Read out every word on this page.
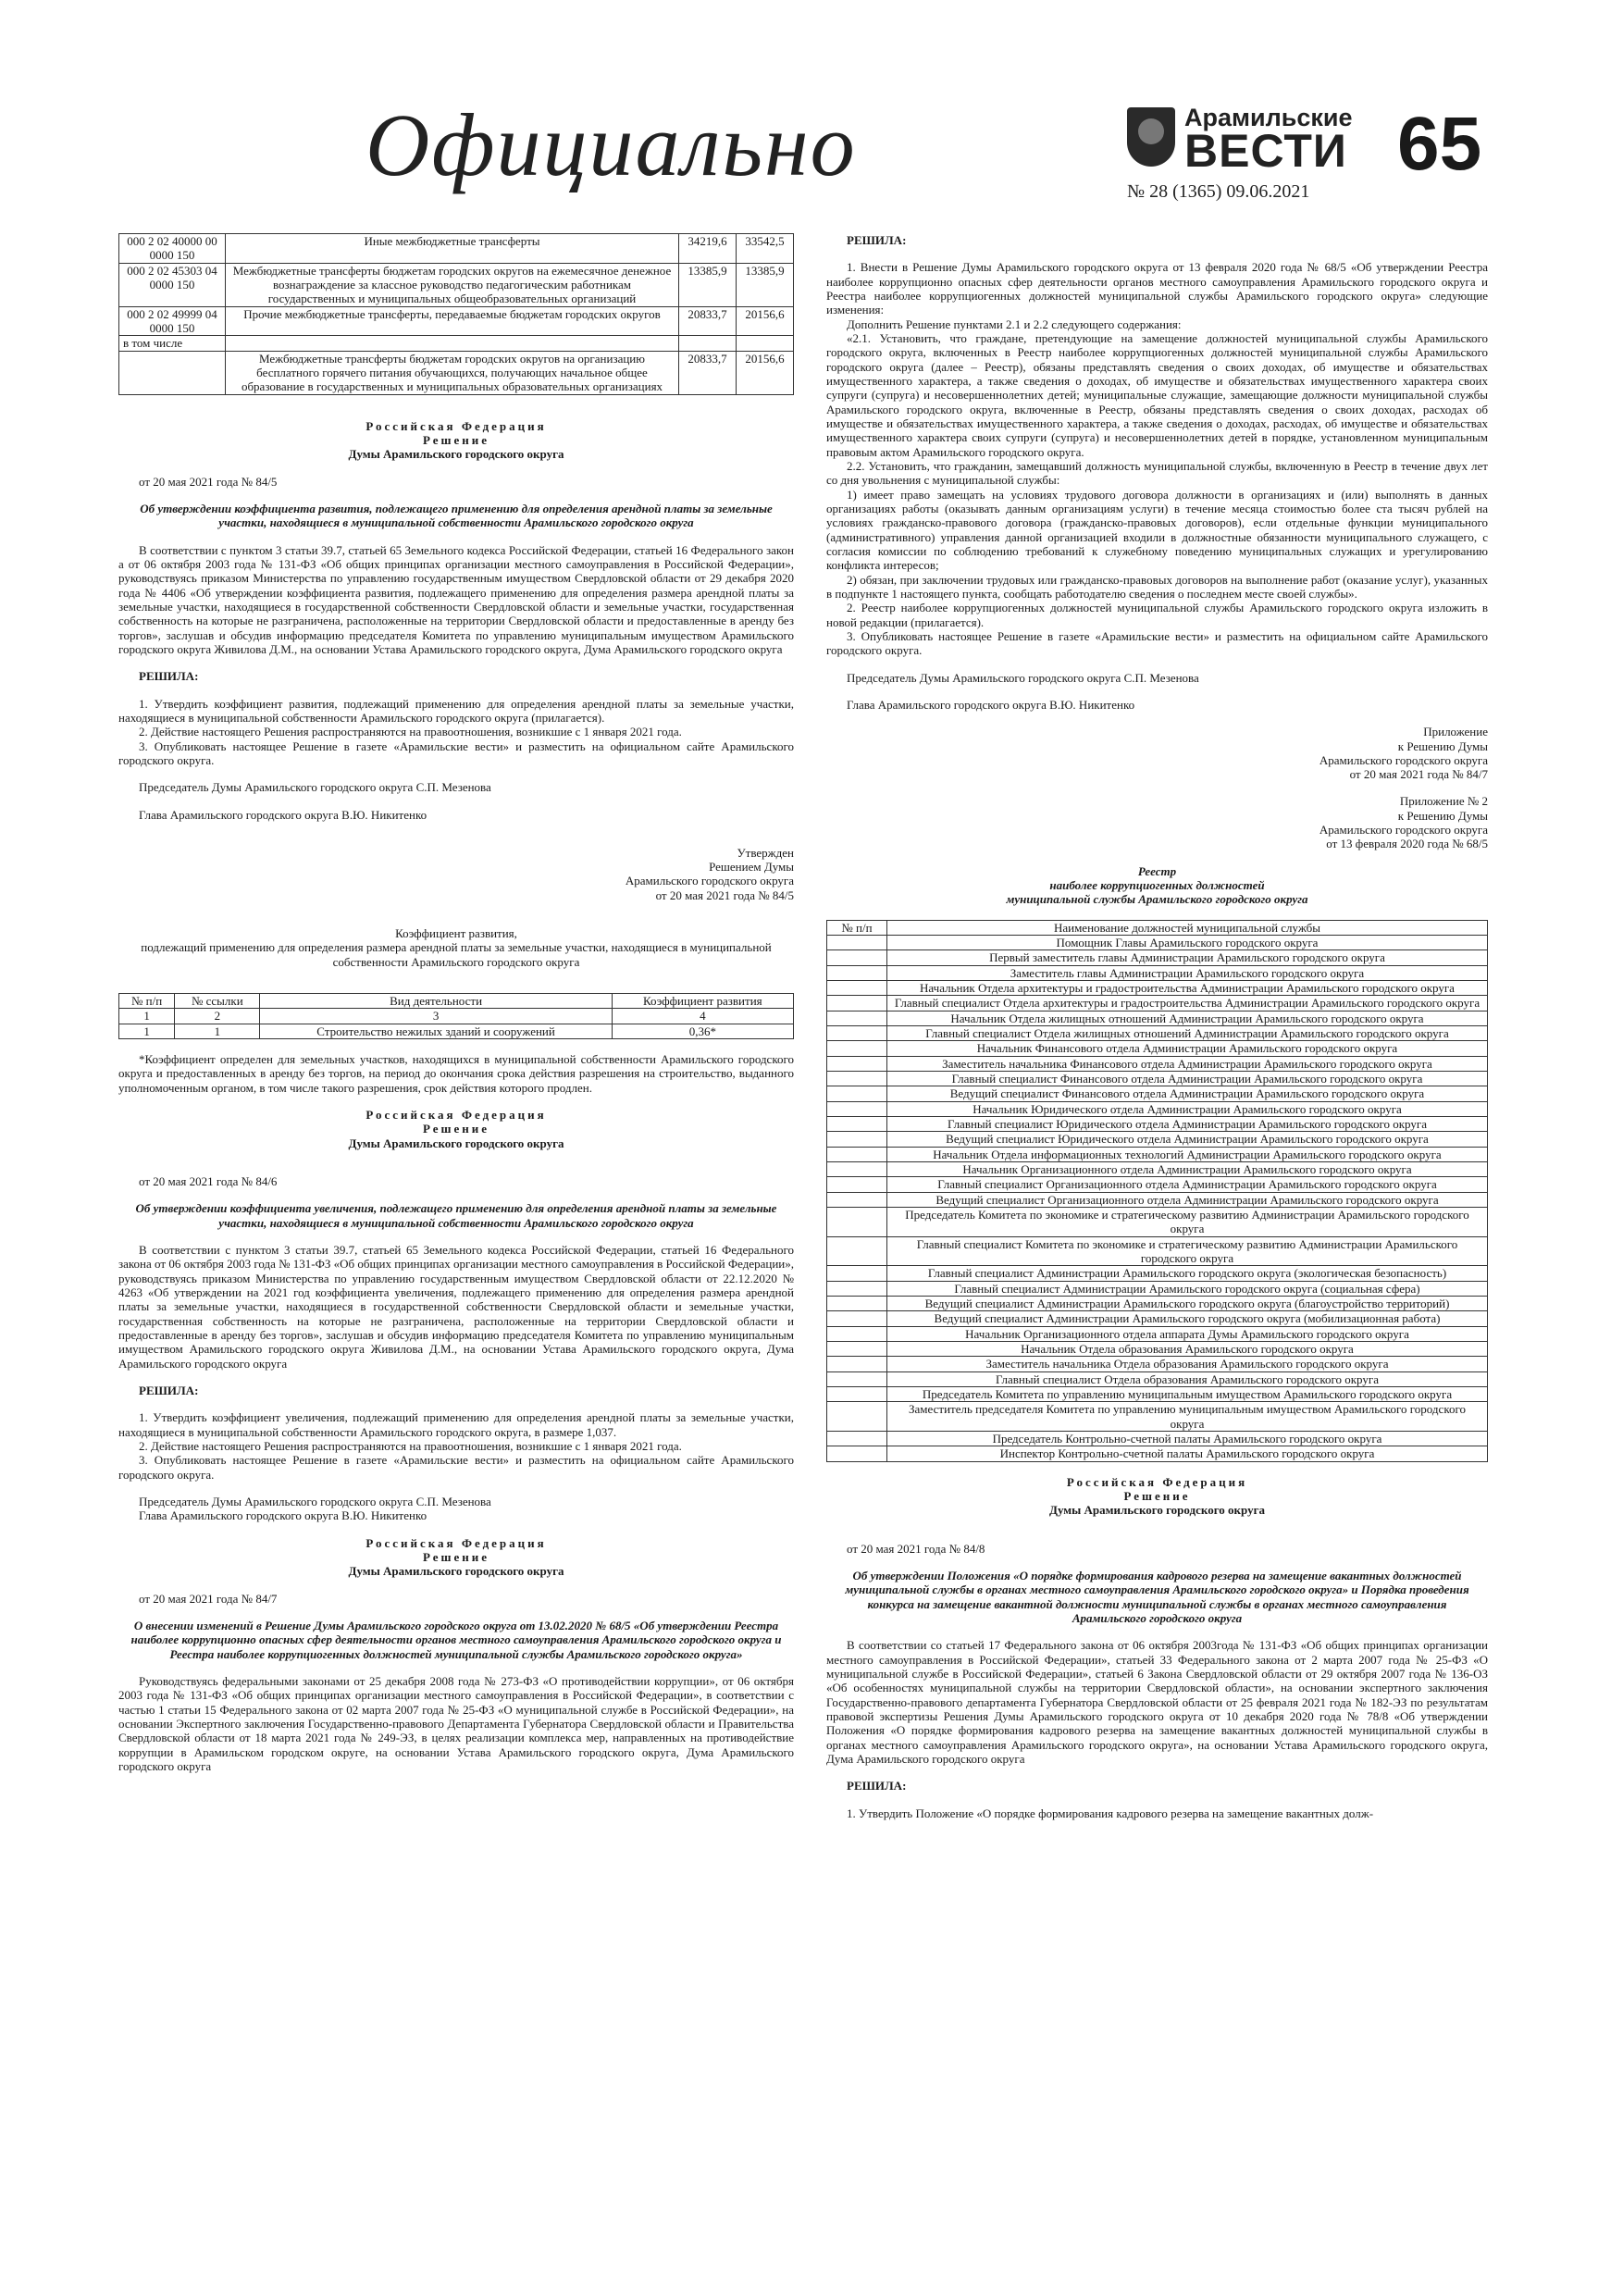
Официально	Арамильские
ВЕСТИ 65
№ 28 (1365) 09.06.2021
000 2 02 40000 00 0000 150	Иные межбюджетные трансферты	34219,6	33542,5
000 2 02 45303 04 0000 150	Межбюджетные трансферты бюджетам городских округов на ежемесячное денежное вознаграждение за классное руководство педагогическим работникам государственных и муниципальных общеобразовательных организаций	13385,9	13385,9
000 2 02 49999 04 0000 150	Прочие межбюджетные трансферты, передаваемые бюджетам городских округов	20833,7	20156,6
в том числе			
	Межбюджетные трансферты бюджетам городских округов на организацию бесплатного горячего питания обучающихся, получающих начальное общее образование в государственных и муниципальных образовательных организациях	20833,7	20156,6
Российская Федерация
Решение
Думы Арамильского городского округа

от 20 мая 2021 года № 84/5

Об утверждении коэффициента развития, подлежащего применению для определения арендной платы за земельные участки, находящиеся в муниципальной собственности Арамильского городского округа

В соответствии с пунктом 3 статьи 39.7, статьей 65 Земельного кодекса Российской Федерации, статьей 16 Федерального закон а от 06 октября 2003 года № 131-ФЗ «Об общих принципах организации местного самоуправления в Российской Федерации», руководствуясь приказом Министерства по управлению государственным имуществом Свердловской области от 29 декабря 2020 года № 4406 «Об утверждении коэффициента развития, подлежащего применению для определения размера арендной платы за земельные участки, находящиеся в государственной собственности Свердловской области и земельные участки, государственная собственность на которые не разграничена, расположенные на территории Свердловской области и предоставленные в аренду без торгов», заслушав и обсудив информацию председателя Комитета по управлению муниципальным имуществом Арамильского городского округа Живилова Д.М., на основании Устава Арамильского городского округа, Дума Арамильского городского округа

РЕШИЛА:

1. Утвердить коэффициент развития, подлежащий применению для определения арендной платы за земельные участки, находящиеся в муниципальной собственности Арамильского городского округа (прилагается).

2. Действие настоящего Решения распространяются на правоотношения, возникшие с 1 января 2021 года.

3. Опубликовать настоящее Решение в газете «Арамильские вести» и разместить на официальном сайте Арамильского городского округа.

Председатель Думы Арамильского городского округа С.П. Мезенова

Глава Арамильского городского округа В.Ю. Никитенко

Утвержден
Решением Думы
Арамильского городского округа
от 20 мая 2021 года № 84/5
Коэффициент развития,
подлежащий применению для определения размера арендной платы за земельные участки, находящиеся в муниципальной собственности Арамильского городского округа
№ п/п	№ ссылки	Вид деятельности	Коэффициент развития
1	2	3	4
1	1	Строительство нежилых зданий и сооружений	0,36*

*Коэффициент определен для земельных участков, находящихся в муниципальной собственности Арамильского городского округа и предоставленных в аренду без торгов, на период до окончания срока действия разрешения на строительство, выданного уполномоченным органом, в том числе такого разрешения, срок действия которого продлен.

Российская Федерация
Решение
Думы Арамильского городского округа

от 20 мая 2021 года № 84/6

Об утверждении коэффициента увеличения, подлежащего применению для определения арендной платы за земельные участки, находящиеся в муниципальной собственности Арамильского городского округа

В соответствии с пунктом 3 статьи 39.7, статьей 65 Земельного кодекса Российской Федерации, статьей 16 Федерального закона от 06 октября 2003 года № 131-ФЗ «Об общих принципах организации местного самоуправления в Российской Федерации», руководствуясь приказом Министерства по управлению государственным имуществом Свердловской области от 22.12.2020 № 4263 «Об утверждении на 2021 год коэффициента увеличения, подлежащего применению для определения размера арендной платы за земельные участки, находящиеся в государственной собственности Свердловской области и земельные участки, государственная собственность на которые не разграничена, расположенные на территории Свердловской области и предоставленные в аренду без торгов», заслушав и обсудив информацию председателя Комитета по управлению муниципальным имуществом Арамильского городского округа Живилова Д.М., на основании Устава Арамильского городского округа, Дума Арамильского городского округа

РЕШИЛА:

1. Утвердить коэффициент увеличения, подлежащий применению для определения арендной платы за земельные участки, находящиеся в муниципальной собственности Арамильского городского округа, в размере 1,037.

2. Действие настоящего Решения распространяются на правоотношения, возникшие с 1 января 2021 года.

3. Опубликовать настоящее Решение в газете «Арамильские вести» и разместить на официальном сайте Арамильского городского округа.

Председатель Думы Арамильского городского округа С.П. Мезенова

Глава Арамильского городского округа В.Ю. Никитенко

Российская Федерация
Решение
Думы Арамильского городского округа

от 20 мая 2021 года № 84/7

О внесении изменений в Решение Думы Арамильского городского округа от 13.02.2020 № 68/5 «Об утверждении Реестра наиболее коррупционно опасных сфер деятельности органов местного самоуправления Арамильского городского округа и Реестра наиболее коррупциогенных должностей муниципальной службы Арамильского городского округа»

Руководствуясь федеральными законами от 25 декабря 2008 года № 273-ФЗ «О противодействии коррупции», от 06 октября 2003 года № 131-ФЗ «Об общих принципах организации местного самоуправления в Российской Федерации», в соответствии с частью 1 статьи 15 Федерального закона от 02 марта 2007 года № 25-ФЗ «О муниципальной службе в Российской Федерации», на основании Экспертного заключения Государственно-правового Департамента Губернатора Свердловской области и Правительства Свердловской области от 18 марта 2021 года № 249-ЭЗ, в целях реализации комплекса мер, направленных на противодействие коррупции в Арамильском городском округе, на основании Устава Арамильского городского округа, Дума Арамильского городского округа

РЕШИЛА:

1. Внести в Решение Думы Арамильского городского округа от 13 февраля 2020 года № 68/5 «Об утверждении Реестра наиболее коррупционно опасных сфер деятельности органов местного самоуправления Арамильского городского округа и Реестра наиболее коррупциогенных должностей муниципальной службы Арамильского городского округа» следующие изменения:

Дополнить Решение пунктами 2.1 и 2.2 следующего содержания:

«2.1. Установить, что граждане, претендующие на замещение должностей муниципальной службы Арамильского городского округа, включенных в Реестр наиболее коррупциогенных должностей муниципальной службы Арамильского городского округа (далее – Реестр), обязаны представлять сведения о своих доходах, об имуществе и обязательствах имущественного характера, а также сведения о доходах, об имуществе и обязательствах имущественного характера своих супруги (супруга) и несовершеннолетних детей; муниципальные служащие, замещающие должности муниципальной службы Арамильского городского округа, включенные в Реестр, обязаны представлять сведения о своих доходах, расходах об имуществе и обязательствах имущественного характера, а также сведения о доходах, расходах, об имуществе и обязательствах имущественного характера своих супруги (супруга) и несовершеннолетних детей в порядке, установленном муниципальным правовым актом Арамильского городского округа.

2.2. Установить, что гражданин, замещавший должность муниципальной службы, включенную в Реестр в течение двух лет со дня увольнения с муниципальной службы:

1) имеет право замещать на условиях трудового договора должности в организациях и (или) выполнять в данных организациях работы (оказывать данным организациям услуги) в течение месяца стоимостью более ста тысяч рублей на условиях гражданско-правового договора (гражданско-правовых договоров), если отдельные функции муниципального (административного) управления данной организацией входили в должностные обязанности муниципального служащего, с согласия комиссии по соблюдению требований к служебному поведению муниципальных служащих и урегулированию конфликта интересов;

2) обязан, при заключении трудовых или гражданско-правовых договоров на выполнение работ (оказание услуг), указанных в подпункте 1 настоящего пункта, сообщать работодателю сведения о последнем месте своей службы».

2. Реестр наиболее коррупциогенных должностей муниципальной службы Арамильского городского округа изложить в новой редакции (прилагается).

3. Опубликовать настоящее Решение в газете «Арамильские вести» и разместить на официальном сайте Арамильского городского округа.

Председатель Думы Арамильского городского округа С.П. Мезенова

Глава Арамильского городского округа В.Ю. Никитенко

Приложение
к Решению Думы
Арамильского городского округа
от 20 мая 2021 года № 84/7
Приложение № 2
к Решению Думы
Арамильского городского округа
от 13 февраля 2020 года № 68/5
Реестр
наиболее коррупциогенных должностей
муниципальной службы Арамильского городского округа
№ п/п	Наименование должностей муниципальной службы
	Помощник Главы Арамильского городского округа
	Первый заместитель главы Администрации Арамильского городского округа
	Заместитель главы Администрации Арамильского городского округа
	Начальник Отдела архитектуры и градостроительства Администрации Арамильского городского округа
	Главный специалист Отдела архитектуры и градостроительства Администрации Арамильского городского округа
	Начальник Отдела жилищных отношений Администрации Арамильского городского округа
	Главный специалист Отдела жилищных отношений Администрации Арамильского городского округа
	Начальник Финансового отдела Администрации Арамильского городского округа
	Заместитель начальника Финансового отдела Администрации Арамильского городского округа
	Главный специалист Финансового отдела Администрации Арамильского городского округа
	Ведущий специалист Финансового отдела Администрации Арамильского городского округа
	Начальник Юридического отдела Администрации Арамильского городского округа
	Главный специалист Юридического отдела Администрации Арамильского городского округа
	Ведущий специалист Юридического отдела Администрации Арамильского городского округа
	Начальник Отдела информационных технологий Администрации Арамильского городского округа
	Начальник Организационного отдела Администрации Арамильского городского округа
	Главный специалист Организационного отдела Администрации Арамильского городского округа
	Ведущий специалист Организационного отдела Администрации Арамильского городского округа
	Председатель Комитета по экономике и стратегическому развитию Администрации Арамильского городского округа
	Главный специалист Комитета по экономике и стратегическому развитию Администрации Арамильского городского округа
	Главный специалист Администрации Арамильского городского округа (экологическая безопасность)
	Главный специалист Администрации Арамильского городского округа (социальная сфера)
	Ведущий специалист Администрации Арамильского городского округа (благоустройство территорий)
	Ведущий специалист Администрации Арамильского городского округа (мобилизационная работа)
	Начальник Организационного отдела аппарата Думы Арамильского городского округа
	Начальник Отдела образования Арамильского городского округа
	Заместитель начальника Отдела образования Арамильского городского округа
	Главный специалист Отдела образования Арамильского городского округа
	Председатель Комитета по управлению муниципальным имуществом Арамильского городского округа
	Заместитель председателя Комитета по управлению муниципальным имуществом Арамильского городского округа
	Председатель Контрольно-счетной палаты Арамильского городского округа
	Инспектор Контрольно-счетной палаты Арамильского городского округа
Российская Федерация
Решение
Думы Арамильского городского округа

от 20 мая 2021 года № 84/8

Об утверждении Положения «О порядке формирования кадрового резерва на замещение вакантных должностей муниципальной службы в органах местного самоуправления Арамильского городского округа» и Порядка проведения конкурса на замещение вакантной должности муниципальной службы в органах местного самоуправления Арамильского городского округа

В соответствии со статьей 17 Федерального закона от 06 октября 2003года № 131-ФЗ «Об общих принципах организации местного самоуправления в Российской Федерации», статьей 33 Федерального закона от 2 марта 2007 года № 25-ФЗ «О муниципальной службе в Российской Федерации», статьей 6 Закона Свердловской области от 29 октября 2007 года № 136-ОЗ «Об особенностях муниципальной службы на территории Свердловской области», на основании экспертного заключения Государственно-правового департамента Губернатора Свердловской области от 25 февраля 2021 года № 182-ЭЗ по результатам правовой экспертизы Решения Думы Арамильского городского округа от 10 декабря 2020 года № 78/8 «Об утверждении Положения «О порядке формирования кадрового резерва на замещение вакантных должностей муниципальной службы в органах местного самоуправления Арамильского городского округа», на основании Устава Арамильского городского округа, Дума Арамильского городского округа

РЕШИЛА:

1. Утвердить Положение «О порядке формирования кадрового резерва на замещение вакантных долж-
